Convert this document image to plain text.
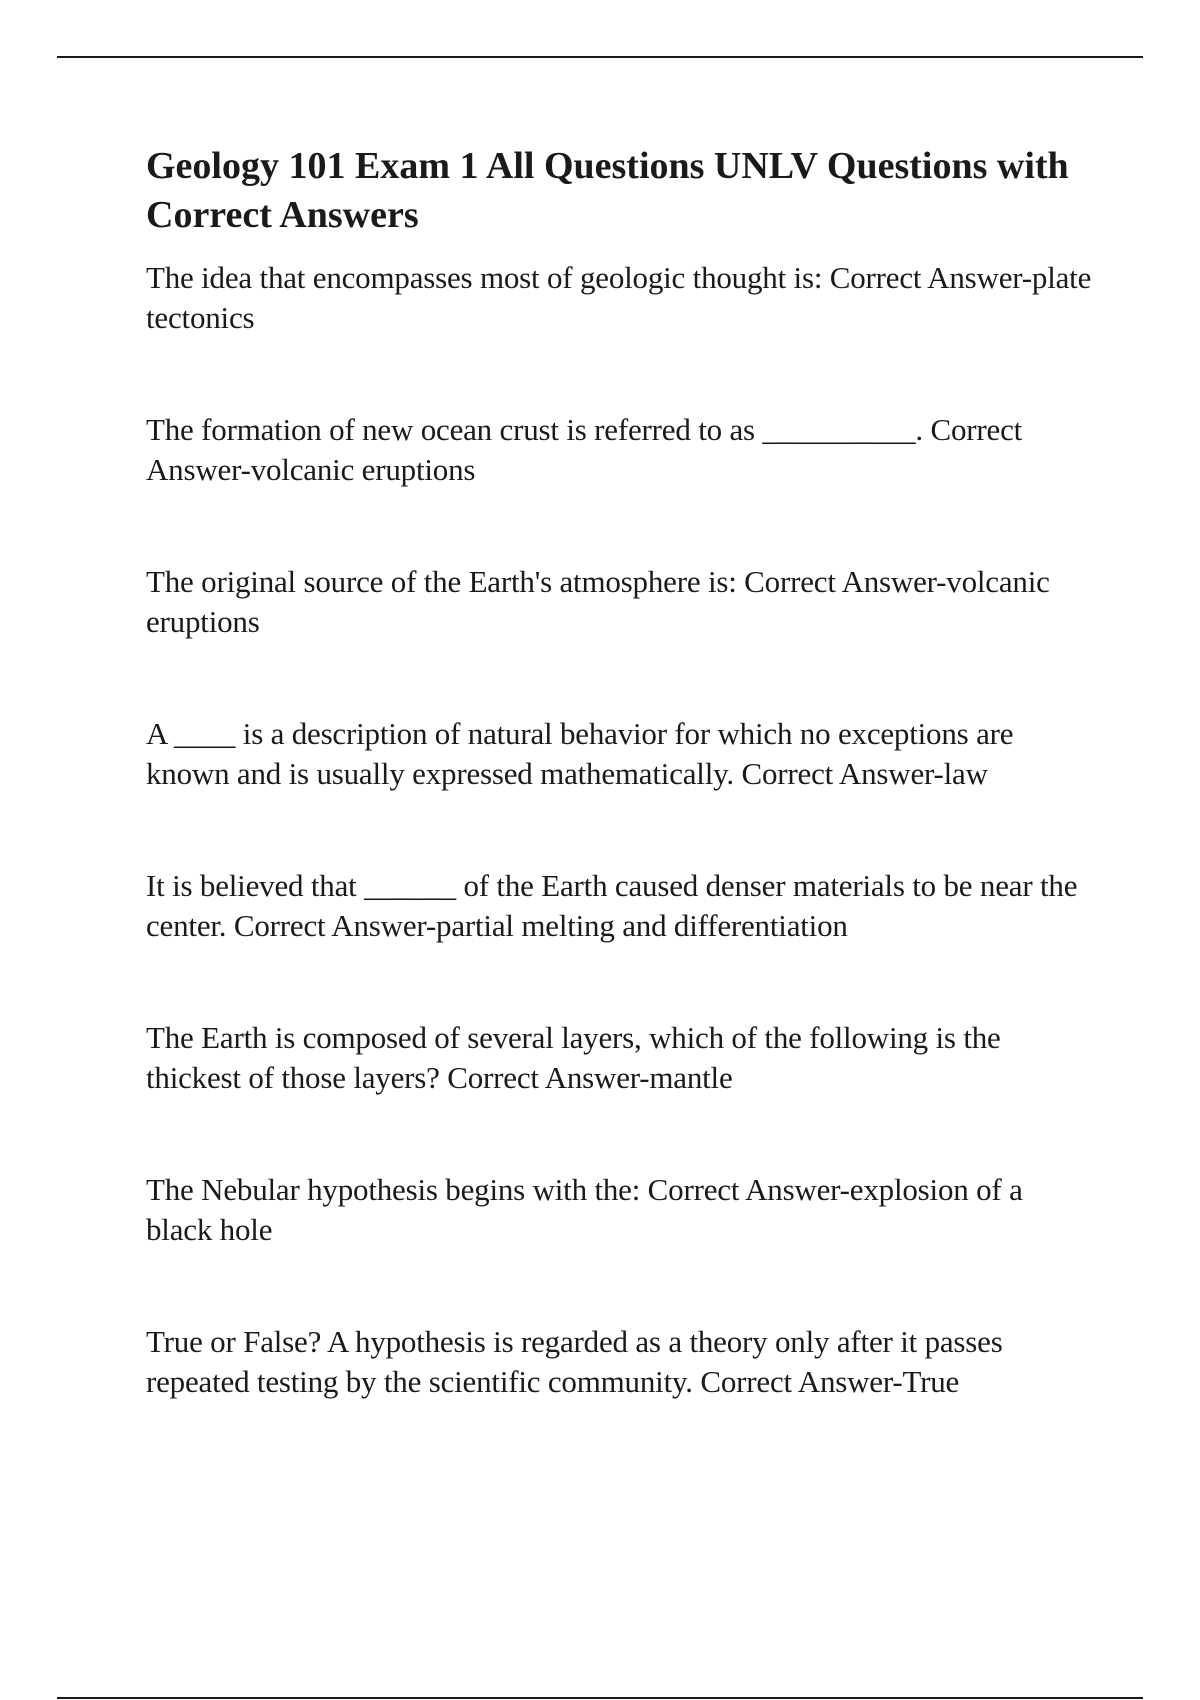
Geology 101 Exam 1 All Questions UNLV Questions with Correct Answers
The idea that encompasses most of geologic thought is: Correct Answer-plate tectonics
The formation of new ocean crust is referred to as __________. Correct Answer-volcanic eruptions
The original source of the Earth's atmosphere is: Correct Answer-volcanic eruptions
A ____ is a description of natural behavior for which no exceptions are known and is usually expressed mathematically. Correct Answer-law
It is believed that ______ of the Earth caused denser materials to be near the center. Correct Answer-partial melting and differentiation
The Earth is composed of several layers, which of the following is the thickest of those layers? Correct Answer-mantle
The Nebular hypothesis begins with the: Correct Answer-explosion of a black hole
True or False? A hypothesis is regarded as a theory only after it passes repeated testing by the scientific community. Correct Answer-True
